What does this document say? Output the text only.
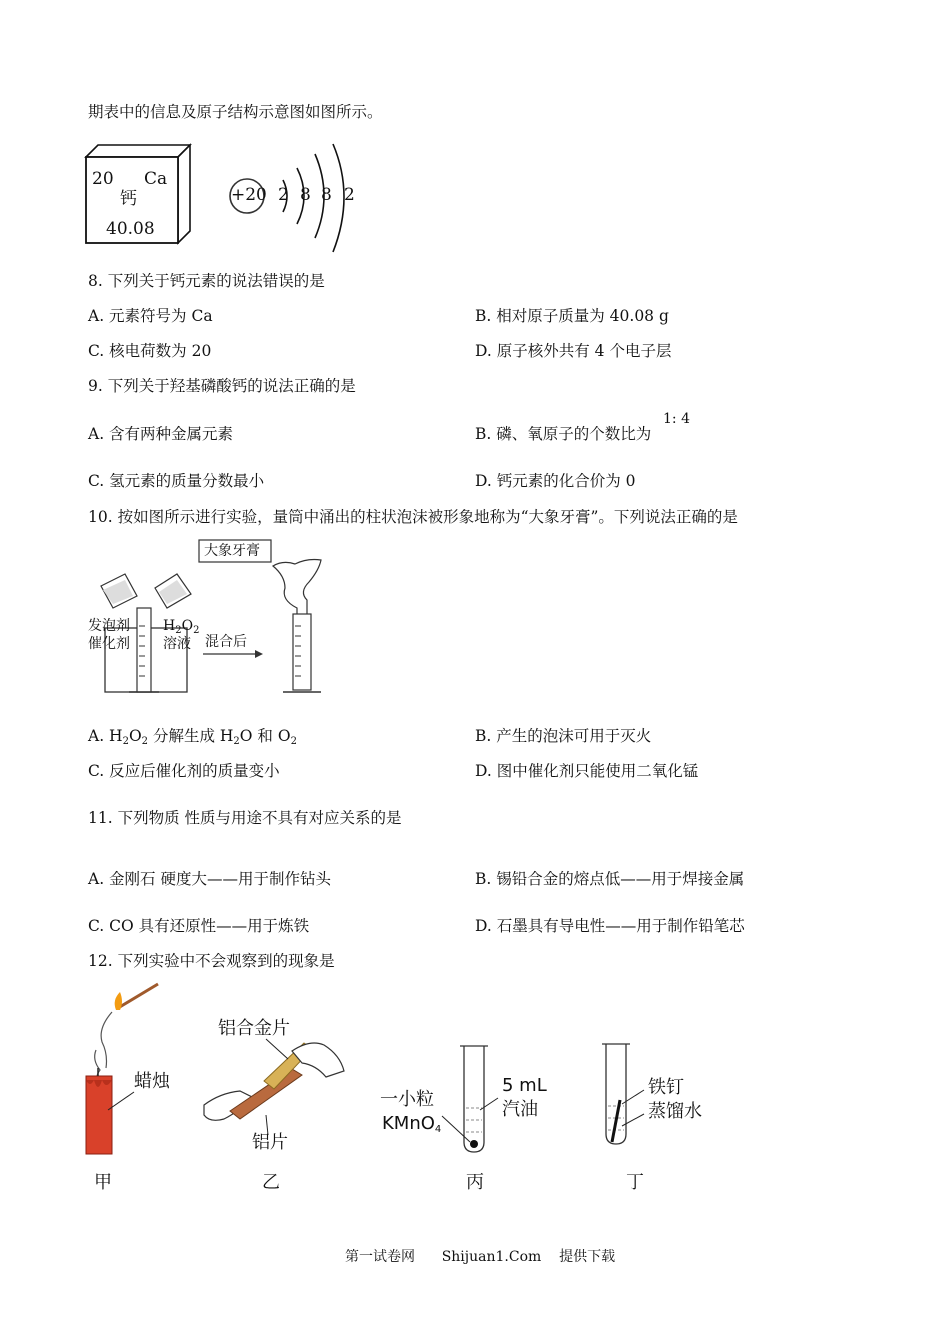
期表中的信息及原子结构示意图如图所示。
20 Ca
钙
40.08
+20 2 8 8 2
8. 下列关于钙元素的说法错误的是
A. 元素符号为 Ca	B. 相对原子质量为 40.08 g
C. 核电荷数为 20	D. 原子核外共有 4 个电子层
9. 下列关于羟基磷酸钙的说法正确的是
A. 含有两种金属元素	B. 磷、氧原子的个数比为
1: 4
C. 氢元素的质量分数最小	D. 钙元素的化合价为 0
10. 按如图所示进行实验，量筒中涌出的柱状泡沫被形象地称为“大象牙膏”。下列说法正确的是
大象牙膏
发泡剂
催化剂
$H_2O_2$
溶液 混合后
A. $H_2O_2$ 分解生成 $H_2O$ 和 $O_2$	B. 产生的泡沫可用于灭火
C. 反应后催化剂的质量变小	D. 图中催化剂只能使用二氧化锰
11. 下列物质 性质与用途不具有对应关系的是
A. 金刚石 硬度大——用于制作钻头	B. 锡铅合金的熔点低——用于焊接金属
C. CO 具有还原性——用于炼铁	D. 石墨具有导电性——用于制作铅笔芯
12. 下列实验中不会观察到的现象是
蜡烛
甲
铝合金片
铝片
乙
一小粒
KMnO$_4$
5 mL
汽油
丙
铁钉
蒸馏水
丁
第一试卷网      Shijuan1.Com    提供下载
